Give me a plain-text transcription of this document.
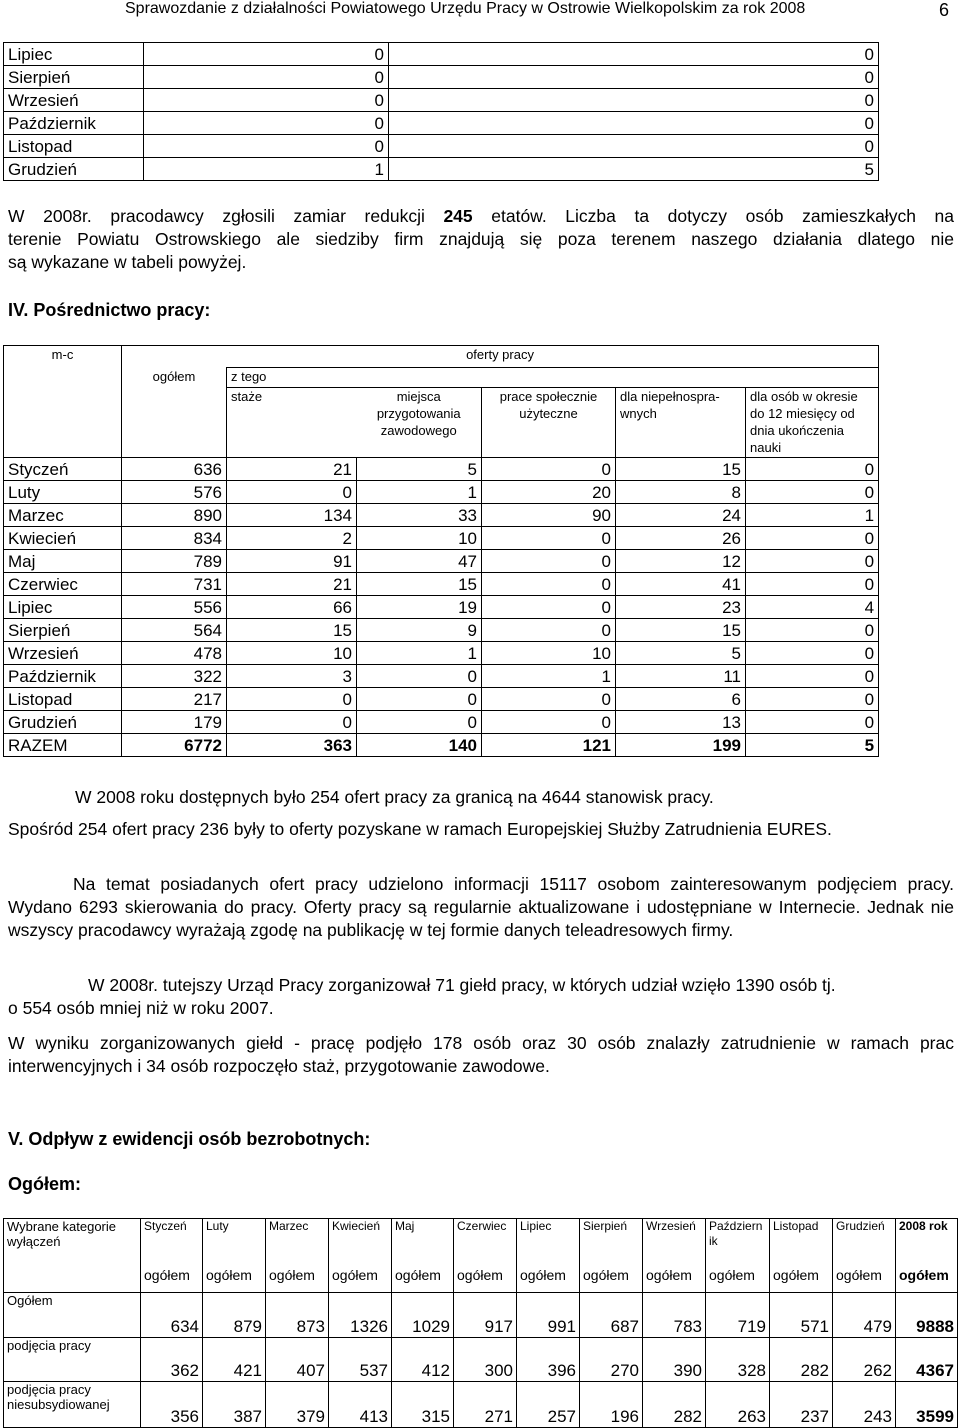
Sprawozdanie z działalności Powiatowego Urzędu Pracy w Ostrowie Wielkopolskim za rok 2008	6
Lipiec	0	0
Sierpień	0	0
Wrzesień	0	0
Październik	0	0
Listopad	0	0
Grudzień	1	5
W 2008r. pracodawcy zgłosili zamiar redukcji 245 etatów. Liczba ta dotyczy osób zamieszkałych na
terenie Powiatu Ostrowskiego ale siedziby firm znajdują się poza terenem naszego działania dlatego nie
są wykazane w tabeli powyżej.
IV. Pośrednictwo pracy:
m-c	oferty pracy					
	ogółem	z tego				
		staże	miejsca przygotowania zawodowego	prace społecznie użyteczne	dla niepełnospra-wnych	dla osób w okresie do 12 miesięcy od dnia ukończenia nauki
Styczeń	636	21	5	0	15	0
Luty	576	0	1	20	8	0
Marzec	890	134	33	90	24	1
Kwiecień	834	2	10	0	26	0
Maj	789	91	47	0	12	0
Czerwiec	731	21	15	0	41	0
Lipiec	556	66	19	0	23	4
Sierpień	564	15	9	0	15	0
Wrzesień	478	10	1	10	5	0
Październik	322	3	0	1	11	0
Listopad	217	0	0	0	6	0
Grudzień	179	0	0	0	13	0
RAZEM	6772	363	140	121	199	5
W 2008 roku dostępnych było 254 ofert pracy za granicą na 4644 stanowisk pracy.
Spośród 254 ofert pracy 236 były to oferty pozyskane w ramach Europejskiej Służby Zatrudnienia EURES.
Na temat posiadanych ofert pracy udzielono informacji 15117 osobom zainteresowanym podjęciem pracy. Wydano 6293 skierowania do pracy. Oferty pracy są regularnie aktualizowane i udostępniane w Internecie. Jednak nie wszyscy pracodawcy wyrażają zgodę na publikację w tej formie danych teleadresowych firmy.
W 2008r. tutejszy Urząd Pracy zorganizował 71 giełd pracy, w których udział wzięło 1390 osób tj.
o 554 osób mniej niż w roku 2007.
W wyniku zorganizowanych giełd - pracę podjęło 178 osób oraz 30 osób znalazły zatrudnienie w ramach prac interwencyjnych i 34 osób rozpoczęło staż, przygotowanie zawodowe.
V. Odpływ z ewidencji osób bezrobotnych:
Ogółem:
Wybrane kategorie wyłączeń	Styczeń	Luty	Marzec	Kwiecień	Maj	Czerwiec	Lipiec	Sierpień	Wrzesień	Październ ik	Listopad	Grudzień	2008 rok
	ogółem	ogółem	ogółem	ogółem	ogółem	ogółem	ogółem	ogółem	ogółem	ogółem	ogółem	ogółem	ogółem
Ogółem	634	879	873	1326	1029	917	991	687	783	719	571	479	9888
podjęcia pracy	362	421	407	537	412	300	396	270	390	328	282	262	4367
podjęcia pracy niesubsydiowanej	356	387	379	413	315	271	257	196	282	263	237	243	3599
